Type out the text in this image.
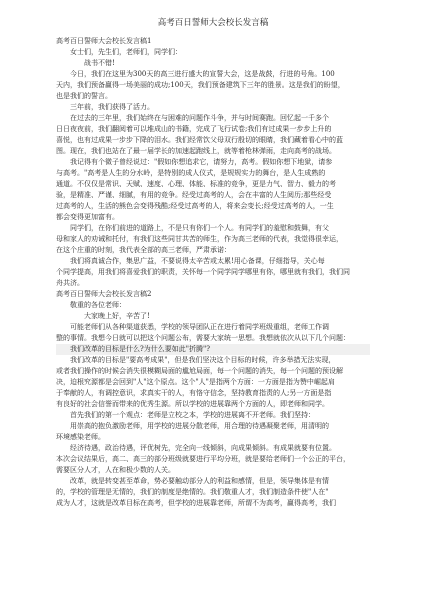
高考百日誓师大会校长发言稿
高考百日誓师大会校长发言稿1
女士们，先生们，老师们，同学们：
战书不错!
今日，我们在这里为300天的高三进行盛大的宣誓大会，这是战鼓，行进的号角。100
天内，我们预备赢得一场美丽的成功;100天，我们预备建筑下三年的胜景。这是我们的盼望，
也是我们的誓言。
三年前，我们获得了活力。
在过去的三年里，我们始终在与困难的问题作斗争，并与时间赛跑。回忆起一千多个
日日夜夜前，我们翻阅着可以堆成山的书籍，完成了飞行试卷;我们有过成果一步步上升的
喜悦，也有过成果一步步下降的泪水。我们经常饮父母双行殷切的眼睛，我们藏着看心中的蓝
图。现在，我们也站在了最一届学长的加速起跑线上，就等着枪林弹雨，走向高考的战场。
我记得有个微子曾经说过："假如你想追求它，请努力，高考。假如你想下地狱，请参
与高考。"高考是人生的分水岭，是特别的成人仪式，是规规实力的舞台，是人生成熟的
通道。不仅仅是常识、天赋、速度、心理、体能、标准的竞争，更是力气、智力、毅力的考
验，是精准、严谨、细腻，有用的竞争。经受过高考的人，会在丰富的人生阅历;那些经受
过高考的人，生活的熊色会变得残酷;经受过高考的人，将来会变长;经受过高考的人，一生
都会变得更加富有。
同学们，在你们前进的道路上，不是只有你们一个人。有同学们的羞慰和鼓舞，有父
母和家人的劝诫和托付，有我们这些同甘共苦的师生，作为高三老师的代表，我觉得很幸运，
在这个庄重的时刻，我代表全部的高三老师，严肃承诺：
我们将真诚合作，集思广益，不要说得太辛苦或太累!用心备课，仔细指导，关心每
个同学提高，用我们将喜爱我们的职责，关怀每一个同学同学哪里有你，哪里就有我们，我们同
舟共济。
高考百日誓师大会校长发言稿2
敬重的各位老师：
大家晚上好，辛苦了!
可能老师们从各种渠道获悉，学校的领导团队正在进行着同学班级重组，老师工作调
整的事情。我想今日就可以把这个问题公布，需要大家统一思想。我想就依次从以下几个问题：
我们改革的目标是什么?为什么要如此"折腾"?
我们改革的目标是"要高考成果"，但是我们坚决这个目标的时候，许多举措无法实现，
或者我们操作的时候会消失很模糊局面的尴尬局面，每一个问题的消失，每一个问题的预设解
决，迫根究源都是会回到"人"这个原点。这个"人"是指两个方面：一方面是指为赞中崛起肩
于奉献的人，有调控意识，求真实干的人，有恪守信念，坚持教育指责的人;另一方面是指
有良好的社会信誉而带来的优秀生源。所以学校的进展靠两个方面的人，即老师和同学。
首先我们的第一个观点：老师是立校之本，学校的进展离不开老师。我们坚持：
用崇高的抱负激励老师，用学校的进展分散老师，用合理的待遇凝聚老师，用清明的
环境感染老师。
经济待遇，政治待遇，评优树先，完全向一线倾斜，向成果倾斜。有成果就要有位置。
本次会议结果后，高二、高三的部分班级就要进行平均分班，就是要给老师们一个公正的平台，
需要区分人才，人在和极少数的人关。
改革，就是转变甚至革命，势必要触动部分人的利益和感情，但是，领导集体是有情
的，学校的管理是无情的，我们的制度是绝情的。我们敬重人才，我们制造条件使"人在"
成为人才，这就是改革目标在高考，但学校的进展靠老师，所谓不为高考，赢得高考，我们
